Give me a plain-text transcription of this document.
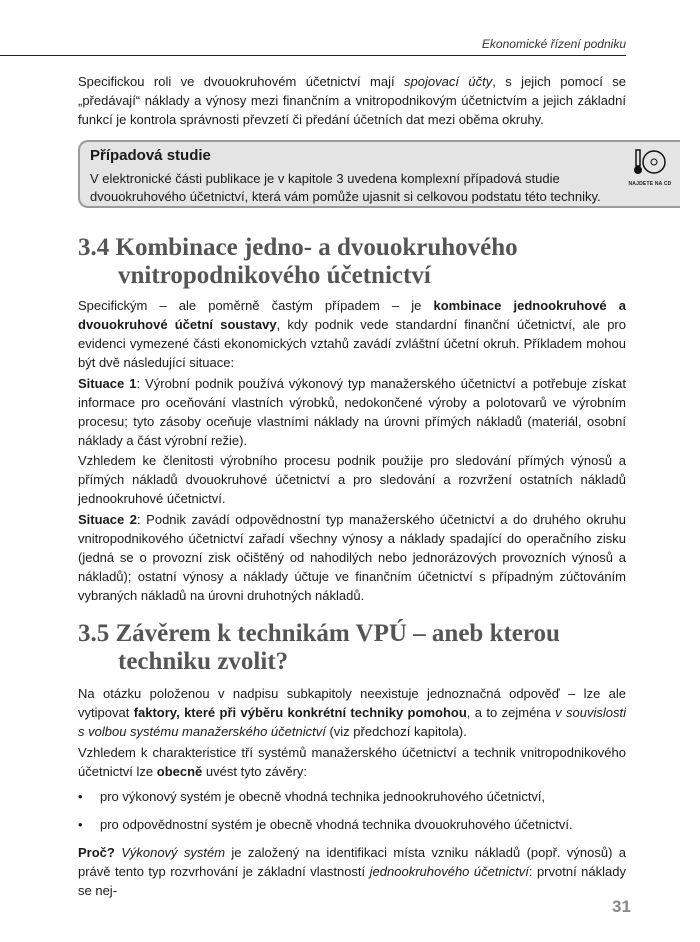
Ekonomické řízení podniku
Specifickou roli ve dvouokruhovém účetnictví mají spojovací účty, s jejich pomocí se „předávají“ náklady a výnosy mezi finančním a vnitropodnikovým účetnictvím a jejich základní funkcí je kontrola správnosti převzetí či předání účetních dat mezi oběma okruhy.
Případová studie
V elektronické části publikace je v kapitole 3 uvedena komplexní případová studie dvouokruhového účetnictví, která vám pomůže ujasnit si celkovou podstatu této techniky.
NAJDETE NA CD
3.4 Kombinace jedno- a dvouokruhového
vnitropodnikového účetnictví
Specifickým – ale poměrně častým případem – je kombinace jednookruhové a dvouokruhové účetní soustavy, kdy podnik vede standardní finanční účetnictví, ale pro evidenci vymezené části ekonomických vztahů zavádí zvláštní účetní okruh. Příkladem mohou být dvě následující situace:
Situace 1: Výrobní podnik používá výkonový typ manažerského účetnictví a potřebuje získat informace pro oceňování vlastních výrobků, nedokončené výroby a polotovarů ve výrobním procesu; tyto zásoby oceňuje vlastními náklady na úrovni přímých nákladů (materiál, osobní náklady a část výrobní režie).
Vzhledem ke členitosti výrobního procesu podnik použije pro sledování přímých výnosů a přímých nákladů dvouokruhové účetnictví a pro sledování a rozvržení ostatních nákladů jednookruhové účetnictví.
Situace 2: Podnik zavádí odpovědnostní typ manažerského účetnictví a do druhého okruhu vnitropodnikového účetnictví zařadí všechny výnosy a náklady spadající do operačního zisku (jedná se o provozní zisk očištěný od nahodilých nebo jednorázových provozních výnosů a nákladů); ostatní výnosy a náklady účtuje ve finančním účetnictví s případným zúčtováním vybraných nákladů na úrovni druhotných nákladů.
3.5 Závěrem k technikám VPÚ – aneb kterou
techniku zvolit?
Na otázku položenou v nadpisu subkapitoly neexistuje jednoznačná odpověď – lze ale vytipovat faktory, které při výběru konkrétní techniky pomohou, a to zejména v souvislosti s volbou systému manažerského účetnictví (viz předchozí kapitola).
Vzhledem k charakteristice tří systémů manažerského účetnictví a technik vnitropodnikového účetnictví lze obecně uvést tyto závěry:
• pro výkonový systém je obecně vhodná technika jednookruhového účetnictví,
• pro odpovědnostní systém je obecně vhodná technika dvouokruhového účetnictví.
Proč? Výkonový systém je založený na identifikaci místa vzniku nákladů (popř. výnosů) a právě tento typ rozvrhování je základní vlastností jednookruhového účetnictví: prvotní náklady se nej-
31
